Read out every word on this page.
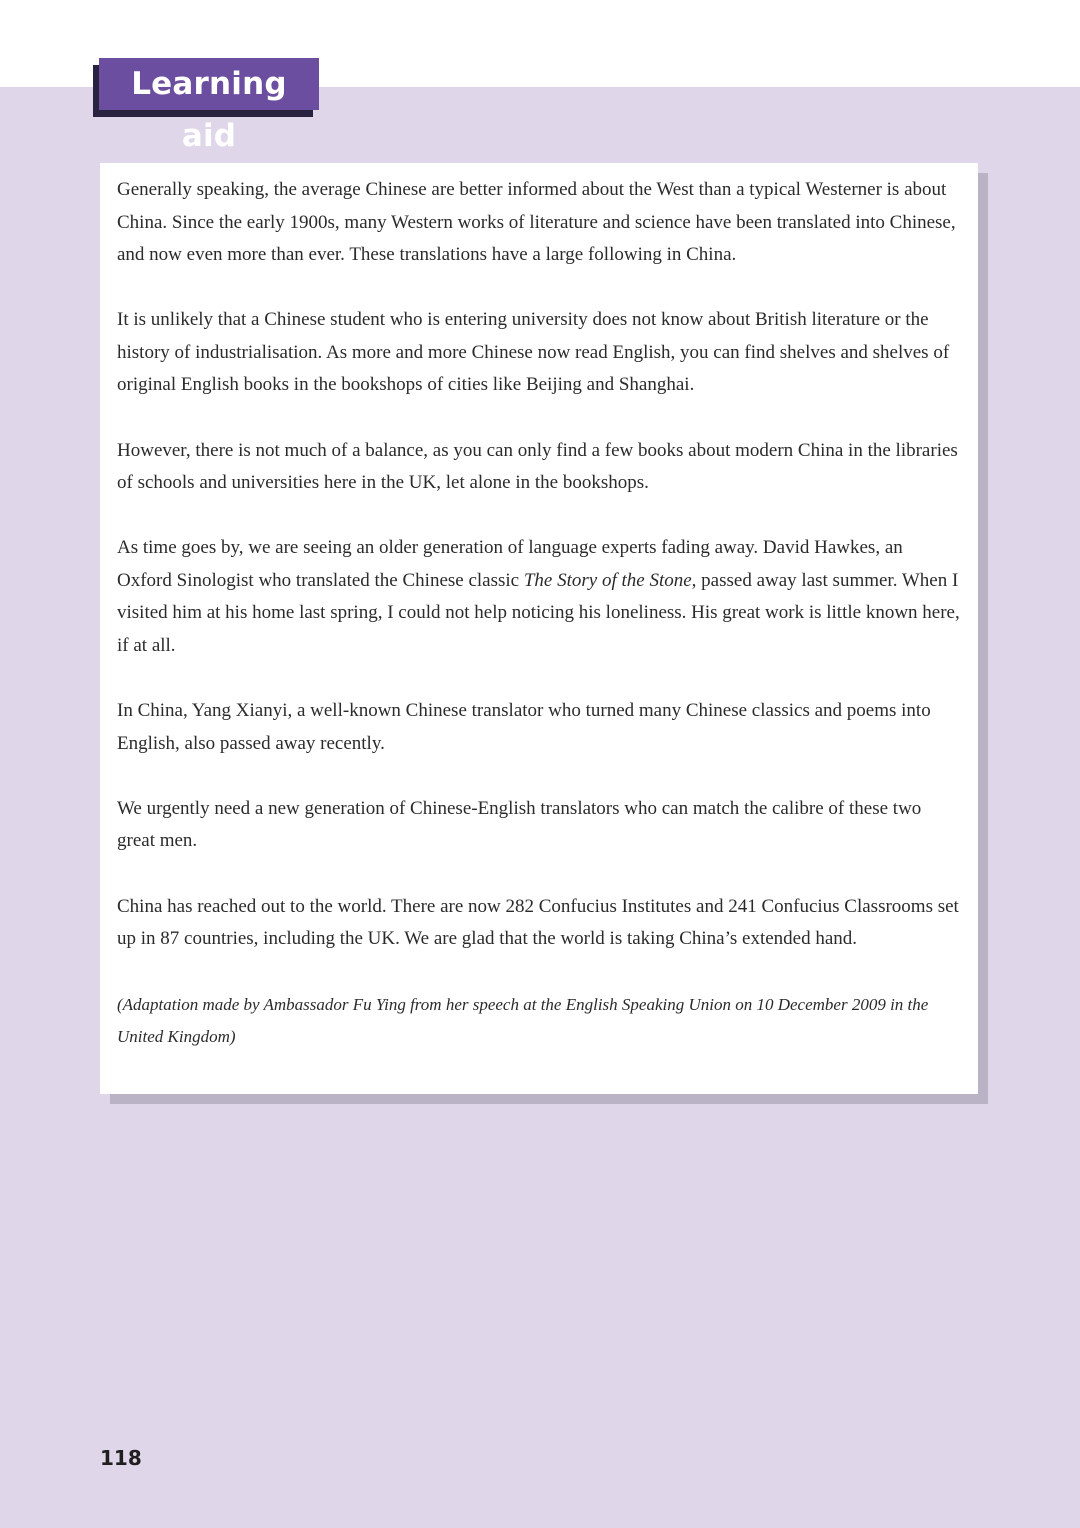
Learning aid

Generally speaking, the average Chinese are better informed about the West than a typical Westerner is about China. Since the early 1900s, many Western works of literature and science have been translated into Chinese, and now even more than ever. These translations have a large following in China.

It is unlikely that a Chinese student who is entering university does not know about British literature or the history of industrialisation. As more and more Chinese now read English, you can find shelves and shelves of original English books in the bookshops of cities like Beijing and Shanghai.

However, there is not much of a balance, as you can only find a few books about modern China in the libraries of schools and universities here in the UK, let alone in the bookshops.

As time goes by, we are seeing an older generation of language experts fading away. David Hawkes, an Oxford Sinologist who translated the Chinese classic The Story of the Stone, passed away last summer. When I visited him at his home last spring, I could not help noticing his loneliness. His great work is little known here, if at all.

In China, Yang Xianyi, a well-known Chinese translator who turned many Chinese classics and poems into English, also passed away recently.

We urgently need a new generation of Chinese-English translators who can match the calibre of these two great men.

China has reached out to the world. There are now 282 Confucius Institutes and 241 Confucius Classrooms set up in 87 countries, including the UK. We are glad that the world is taking China’s extended hand.

(Adaptation made by Ambassador Fu Ying from her speech at the English Speaking Union on 10 December 2009 in the United Kingdom)

118
